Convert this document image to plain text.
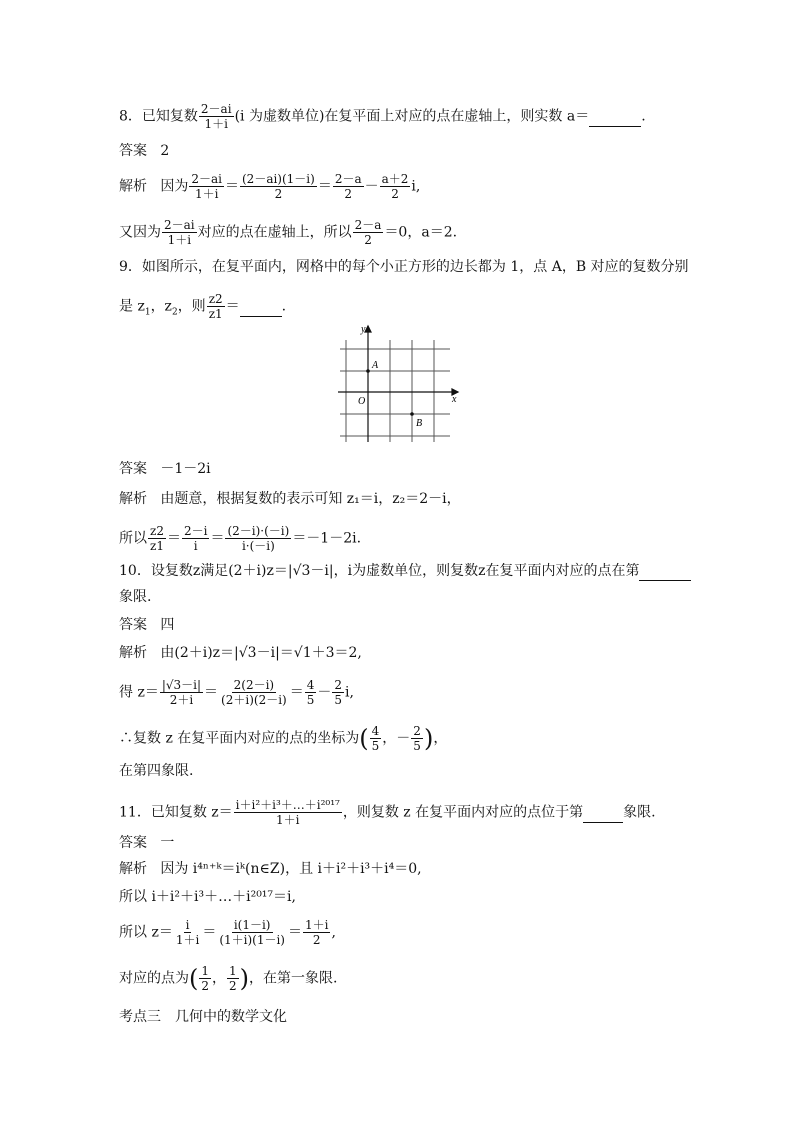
8．已知复数 $\frac{2-ai}{1+i} (i$ 为虚数单位)在复平面上对应的点在虚轴上，则实数 a＝	.
答案 2
解析 因为 $\frac{2-ai}{1+i} = \frac{(2-ai)(1-i)}{2} = \frac{2-a}{2} - \frac{a+2}{2} i$,
又因为 $\frac{2-ai}{1+i}$ 对应的点在虚轴上，所以 $\frac{2-a}{2} =0$，a＝2.
9．如图所示，在复平面内，网格中的每个小正方形的边长都为 1，点 A，B 对应的复数分别
是 $z_1$，$z_2$，则 $\frac{z2}{z1}$ ＝	.
y
x
O
A
B
答案 －1－2i
解析 由题意，根据复数的表示可知 z₁＝i，z₂＝2－i，
所以 $\frac{z2}{z1} = \frac{2-i}{i} = \frac{(2-i)\cdot(-i)}{i\cdot(-i)} =-1-2i$.
10．设复数z满足(2＋i)z＝|√3－i|，i为虚数单位，则复数z在复平面内对应的点在第
象限.
答案 四
解析 由(2＋i)z＝|√3－i|＝√1＋3＝2,
得 $z= \frac{|√3-i|}{2+i} = \frac{2(2-i)}{(2+i)(2-i)} = \frac{4}{5} - \frac{2}{5} i$,
∴复数 z 在复平面内对应的点的坐标为( $\frac{4}{5}$ ，－ $\frac{2}{5}$ )，
在第四象限.
11．已知复数 $z= \frac{\text{i＋i²＋i³＋…＋i²⁰¹⁷}}{1+i}$ ，则复数 z 在复平面内对应的点位于第	象限.
答案 一
解析 因为 i⁴ⁿ⁺ᵏ＝iᵏ(n∈Z)，且 i＋i²＋i³＋i⁴＝0,
所以 i＋i²＋i³＋…＋i²⁰¹⁷＝i,
所以 $z= \frac{i}{1+i} = \frac{i(1-i)}{(1+i)(1-i)} = \frac{1+i}{2}$ ,
对应的点为( $\frac{1}{2}$ ， $\frac{1}{2}$ )，在第一象限.
考点三　几何中的数学文化
